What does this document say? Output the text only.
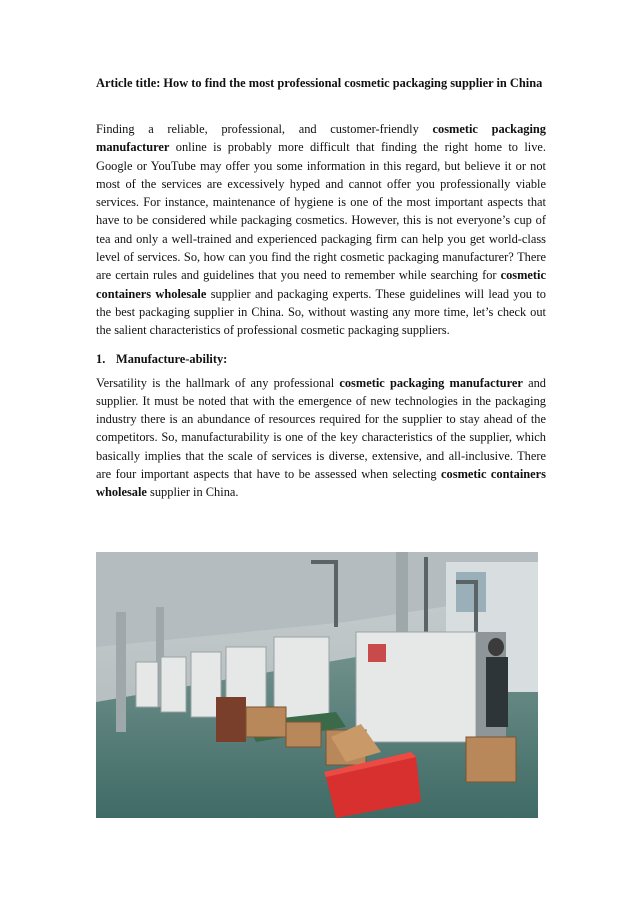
Article title: How to find the most professional cosmetic packaging supplier in China

Finding a reliable, professional, and customer-friendly cosmetic packaging manufacturer online is probably more difficult that finding the right home to live. Google or YouTube may offer you some information in this regard, but believe it or not most of the services are excessively hyped and cannot offer you professionally viable services. For instance, maintenance of hygiene is one of the most important aspects that have to be considered while packaging cosmetics. However, this is not everyone’s cup of tea and only a well-trained and experienced packaging firm can help you get world-class level of services. So, how can you find the right cosmetic packaging manufacturer? There are certain rules and guidelines that you need to remember while searching for cosmetic containers wholesale supplier and packaging experts. These guidelines will lead you to the best packaging supplier in China. So, without wasting any more time, let’s check out the salient characteristics of professional cosmetic packaging suppliers.

1. Manufacture-ability:

Versatility is the hallmark of any professional cosmetic packaging manufacturer and supplier. It must be noted that with the emergence of new technologies in the packaging industry there is an abundance of resources required for the supplier to stay ahead of the competitors. So, manufacturability is one of the key characteristics of the supplier, which basically implies that the scale of services is diverse, extensive, and all-inclusive. There are four important aspects that have to be assessed when selecting cosmetic containers wholesale supplier in China.
